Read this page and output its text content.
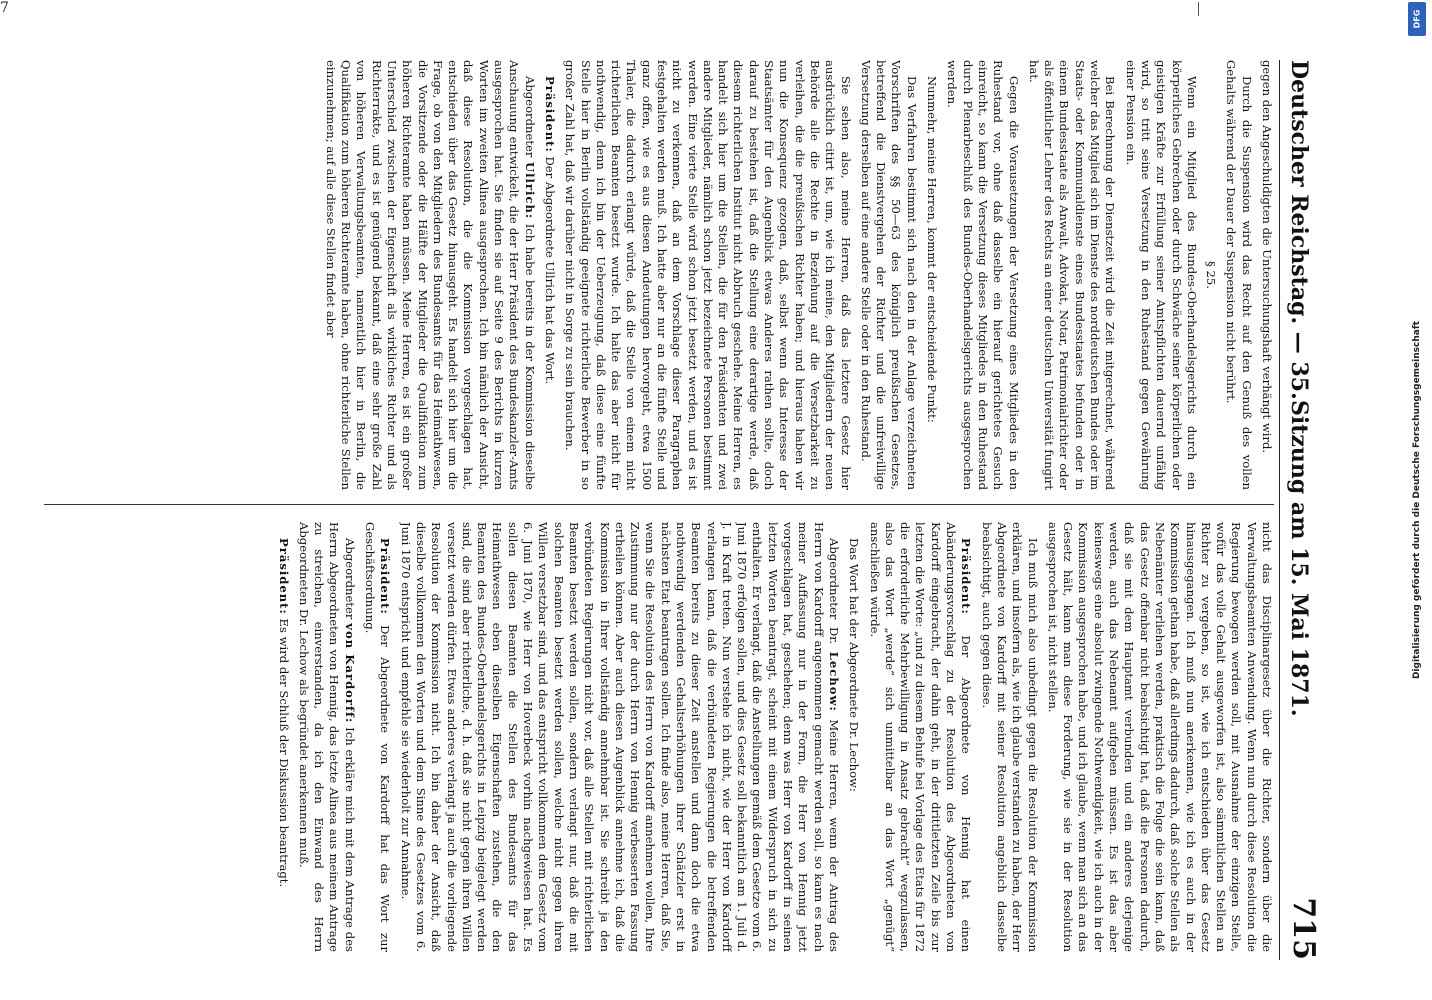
Deutscher Reichstag. — 35.
Sitzung am 15. Mai 1871.
715

gegen den Angeschuldigten die Untersuchungshaft verhängt wird.

Durch die Suspension wird das Recht auf den Genuß des vollen Gehalts während der Dauer der Suspension nicht berührt.

§ 25.

Wenn ein Mitglied des Bundes-Oberhandelsgerichts durch ein körperliches Gebrechen oder durch Schwäche seiner körperlichen oder geistigen Kräfte zur Erfüllung seiner Amtspflichten dauernd unfähig wird, so tritt seine Versetzung in den Ruhestand gegen Gewährung einer Pension ein.

Bei Berechnung der Dienstzeit wird die Zeit mitgerechnet, während welcher das Mitglied sich im Dienste des norddeutschen Bundes oder im Staats- oder Kommunaldienste eines Bundesstaates befunden oder in einem Bundesstaate als Anwalt, Advokat, Notar, Patrimonialrichter oder als öffentlicher Lehrer des Rechts an einer deutschen Universität fungirt hat.

Gegen die Vorausetzungen der Versetzung eines Mitgliedes in den Ruhestand vor, ohne daß dasselbe ein hierauf gerichtetes Gesuch einreicht, so kann die Versetzung dieses Mitgliedes in den Ruhestand durch Plenarbeschluß des Bundes-Oberhandelsgerichts ausgesprochen werden.

Nunmehr, meine Herren, kommt der entscheidende Punkt:

Das Verfahren bestimmt sich nach den in der Anlage verzeichneten Vorschriften des §§ 50—63 des königlich preußischen Gesetzes, betreffend die Dienstvergehen der Richter und die unfreiwillige Versetzung derselben auf eine andere Stelle oder in den Ruhestand.

Sie sehen also, meine Herren, daß das letztere Gesetz hier ausdrücklich citirt ist, um, wie ich meine, den Mitgliedern der neuen Behörde alle die Rechte in Beziehung auf die Versetzbarkeit zu verleihen, die die preußischen Richter haben; und hieraus haben wir nun die Konsequenz gezogen, daß, selbst wenn das Interesse der Staatsämter für den Augenblick etwas Anderes rathen sollte, doch darauf zu bestehen ist, daß die Stellung eine derartige werde, daß diesem richterlichen Institut nicht Abbruch geschehe. Meine Herren, es handelt sich hier um die Stellen, die für den Präsidenten und zwei andere Mitglieder, nämlich schon jetzt bezeichnete Personen bestimmt werden. Eine vierte Stelle wird schon jetzt besetzt werden, und es ist nicht zu verkennen, daß an dem Vorschlage dieser Paragraphen festgehalten werden muß. Ich hatte aber nur an die fünfte Stelle und ganz offen, wie es aus diesen Andeutungen hervorgeht, etwa 1500 Thaler, die dadurch erlangt würde, daß die Stelle von einem nicht richterlichen Beamten besetzt wurde. Ich halte das aber nicht für nothwendig, denn ich bin der Ueberzeugung, daß diese eine fünfte Stelle hier in Berlin vollständig geeignete richterliche Bewerber in so großer Zahl hat, daß wir darüber nicht in Sorge zu sein brauchen.

Präsident: Der Abgeordnete Ullrich hat das Wort.

Abgeordneter Ullrich: Ich habe bereits in der Kommission dieselbe Anschauung entwickelt, die der Herr Präsident des Bundeskanzler-Amts ausgesprochen hat. Sie finden sie auf Seite 9 des Berichts in kurzen Worten im zweiten Alinea ausgesprochen. Ich bin nämlich der Ansicht, daß diese Resolution, die die Kommission vorgeschlagen hat, entschieden über das Gesetz hinausgeht. Es handelt sich hier um die Frage, ob von den Mitgliedern des Bundesamts für das Heimathwesen, die Vorsitzende oder die Hälfte der Mitglieder die Qualifikation zum höheren Richteramte haben müssen. Meine Herren, es ist ein großer Unterschied zwischen der Eigenschaft als wirkliches Richter und als Richterrakte, und es ist genügend bekannt, daß eine sehr große Zahl von höheren Verwaltungsbeamten, namentlich hier in Berlin, die Qualifikation zum höheren Richteramte haben, ohne richterliche Stellen einzunehmen; auf alle diese Stellen findet aber

nicht das Disciplinargesetz über die Richter, sondern über die Verwaltungsbeamten Anwendung. Wenn nun durch diese Resolution die Regierung bewogen werden soll, mit Ausnahme der einzigen Stelle, wofür das volle Gehalt ausgeworfen ist, also sämmtlichen Stellen an Richter zu vergeben, so ist, wie ich entschieden über das Gesetz hinausgegangen. Ich muß nun anerkennen, wie ich es auch in der Kommission gethan habe, daß allerdings dadurch, daß solche Stellen als Nebenämter verliehen werden, praktisch die Folge die sein kann, daß das Gesetz offenbar nicht beabsichtigt hat, daß die Personen dadurch, daß sie mit dem Hauptamt verbunden und ein anderes derjenige werden, auch das Nebenamt aufgeben müssen. Es ist das aber keineswegs eine absolut zwingende Nothwendigkeit, wie ich auch in der Kommission ausgesprochen habe, und ich glaube, wenn man sich an das Gesetz hält, kann man diese Forderung, wie sie in der Resolution ausgesprochen ist, nicht stellen.

Ich muß mich also unbedingt gegen die Resolution der Kommission erklären, und insofern als, wie ich glaube verstanden zu haben, der Herr Abgeordnete von Kardorff mit seiner Resolution angeblich dasselbe beabsichtigt, auch gegen diese.

Präsident: Der Abgeordnete von Hennig hat einen Abänderungsvorschlag zu der Resolution des Abgeordneten von Kardorff eingebracht, der dahin geht, in der drittletzten Zeile bis zur letzten die Worte: „und zu diesem Behufe bei Vorlage des Etats für 1872 die erforderliche Mehrbewilligung in Ansatz gebracht“ wegzulassen, also das Wort „werde“ sich unmittelbar an das Wort „genügt“ anschließen würde.

Das Wort hat der Abgeordnete Dr. Lechow:

Abgeordneter Dr. Lechow: Meine Herren, wenn der Antrag des Herrn von Kardorff angenommen gemacht werden soll, so kann es nach meiner Auffassung nur in der Form, die Herr von Hennig jetzt vorgeschlagen hat, geschehen; denn was Herr von Kardorff in seinen letzten Worten beantragt, scheint mit einem Widerspruch in sich zu enthalten. Er verlangt, daß die Anstellungen gemäß dem Gesetze vom 6. Juni 1870 erfolgen sollen, und dies Gesetz soll bekanntlich am 1. Juli d. J. in Kraft treten. Nun verstehe ich nicht, wie der Herr von Kardorff verlangen kann, daß die verbündeten Regierungen die betreffenden Beamten bereits zu dieser Zeit anstellen und dann doch die etwa nothwendig werdenden Gehaltserhöhungen ihrer Schätzler erst in nächsten Etat beantragen sollen. Ich finde also, meine Herren, daß Sie, wenn Sie die Resolution des Herrn von Kardorff annehmen wollen, Ihre Zustimmung nur der durch Herrn von Hennig verbesserten Fassung ertheilen können. Aber auch diesen Augenblick annehme ich, daß die Kommission in Ihrer vollständig annehmbar ist. Sie schreibt ja den verbündeten Regierungen nicht vor, daß alle Stellen mit richterlichen Beamten besetzt werden sollen, sondern verlangt nur, daß die mit solchen Beamten besetzt werden sollen, welche nicht gegen ihren Willen versetzbar sind, und das entspricht vollkommen dem Gesetz vom 6. Juni 1870, wie Herr von Hoverbeck vorhin nachgewiesen hat. Es sollen diesen Beamten die Stellen des Bundesamts für das Heimathwesen eben dieselben Eigenschaften zustehen, die den Beamten des Bundes-Oberhandelsgerichts in Leipzig beigelegt werden sind, die sind aber richterliche, d. h. daß sie nicht gegen ihren Willen versetzt werden dürfen. Etwas anderes verlangt ja auch die vorliegende Resolution der Kommission nicht. Ich bin daher der Ansicht, daß dieselbe vollkommen den Worten und dem Sinne des Gesetzes vom 6. Juni 1870 entspricht und empfehle sie wiederholt zur Annahme.

Präsident: Der Abgeordnete von Kardorff hat das Wort zur Geschäftsordnung.

Abgeordneter von Kardorff: Ich erkläre mich mit dem Antrage des Herrn Abgeordneten von Hennig, das letzte Alinea aus meinem Antrage zu streichen, einverstanden, da ich den Einwand des Herrn Abgeordneten Dr. Lechow als begründet anerkennen muß.

Präsident: Es wird der Schluß der Diskussion beantragt.

7
DFG
Digitalisierung gefördert durch die Deutsche Forschungsgemeinschaft
